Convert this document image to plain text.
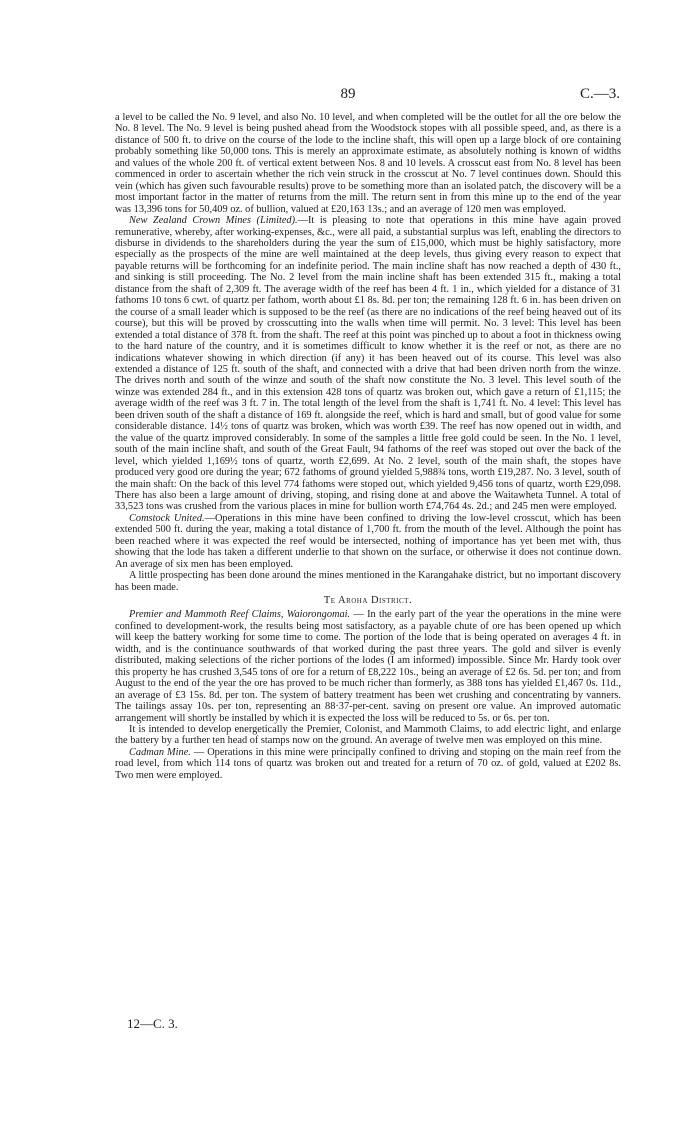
89	C.—3.

a level to be called the No. 9 level, and also No. 10 level, and when completed will be the outlet for all the ore below the No. 8 level. The No. 9 level is being pushed ahead from the Woodstock stopes with all possible speed, and, as there is a distance of 500 ft. to drive on the course of the lode to the incline shaft, this will open up a large block of ore containing probably something like 50,000 tons. This is merely an approximate estimate, as absolutely nothing is known of widths and values of the whole 200 ft. of vertical extent between Nos. 8 and 10 levels. A crosscut east from No. 8 level has been commenced in order to ascertain whether the rich vein struck in the crosscut at No. 7 level continues down. Should this vein (which has given such favourable results) prove to be something more than an isolated patch, the discovery will be a most important factor in the matter of returns from the mill. The return sent in from this mine up to the end of the year was 13,396 tons for 50,409 oz. of bullion, valued at £20,163 13s.; and an average of 120 men was employed.

New Zealand Crown Mines (Limited).—It is pleasing to note that operations in this mine have again proved remunerative, whereby, after working-expenses, &c., were all paid, a substantial surplus was left, enabling the directors to disburse in dividends to the shareholders during the year the sum of £15,000, which must be highly satisfactory, more especially as the prospects of the mine are well maintained at the deep levels, thus giving every reason to expect that payable returns will be forthcoming for an indefinite period. The main incline shaft has now reached a depth of 430 ft., and sinking is still proceeding. The No. 2 level from the main incline shaft has been extended 315 ft., making a total distance from the shaft of 2,309 ft. The average width of the reef has been 4 ft. 1 in., which yielded for a distance of 31 fathoms 10 tons 6 cwt. of quartz per fathom, worth about £1 8s. 8d. per ton; the remaining 128 ft. 6 in. has been driven on the course of a small leader which is supposed to be the reef (as there are no indications of the reef being heaved out of its course), but this will be proved by crosscutting into the walls when time will permit. No. 3 level: This level has been extended a total distance of 378 ft. from the shaft. The reef at this point was pinched up to about a foot in thickness owing to the hard nature of the country, and it is sometimes difficult to know whether it is the reef or not, as there are no indications whatever showing in which direction (if any) it has been heaved out of its course. This level was also extended a distance of 125 ft. south of the shaft, and connected with a drive that had been driven north from the winze. The drives north and south of the winze and south of the shaft now constitute the No. 3 level. This level south of the winze was extended 284 ft., and in this extension 428 tons of quartz was broken out, which gave a return of £1,115; the average width of the reef was 3 ft. 7 in. The total length of the level from the shaft is 1,741 ft. No. 4 level: This level has been driven south of the shaft a distance of 169 ft. alongside the reef, which is hard and small, but of good value for some considerable distance. 14½ tons of quartz was broken, which was worth £39. The reef has now opened out in width, and the value of the quartz improved considerably. In some of the samples a little free gold could be seen. In the No. 1 level, south of the main incline shaft, and south of the Great Fault, 94 fathoms of the reef was stoped out over the back of the level, which yielded 1,169½ tons of quartz, worth £2,699. At No. 2 level, south of the main shaft, the stopes have produced very good ore during the year; 672 fathoms of ground yielded 5,988¾ tons, worth £19,287. No. 3 level, south of the main shaft: On the back of this level 774 fathoms were stoped out, which yielded 9,456 tons of quartz, worth £29,098. There has also been a large amount of driving, stoping, and rising done at and above the Waitawheta Tunnel. A total of 33,523 tons was crushed from the various places in mine for bullion worth £74,764 4s. 2d.; and 245 men were employed.

Comstock United.—Operations in this mine have been confined to driving the low-level crosscut, which has been extended 500 ft. during the year, making a total distance of 1,700 ft. from the mouth of the level. Although the point has been reached where it was expected the reef would be intersected, nothing of importance has yet been met with, thus showing that the lode has taken a different underlie to that shown on the surface, or otherwise it does not continue down. An average of six men has been employed.

A little prospecting has been done around the mines mentioned in the Karangahake district, but no important discovery has been made.

Te Aroha District.

Premier and Mammoth Reef Claims, Waiorongomai. — In the early part of the year the operations in the mine were confined to development-work, the results being most satisfactory, as a payable chute of ore has been opened up which will keep the battery working for some time to come. The portion of the lode that is being operated on averages 4 ft. in width, and is the continuance southwards of that worked during the past three years. The gold and silver is evenly distributed, making selections of the richer portions of the lodes (I am informed) impossible. Since Mr. Hardy took over this property he has crushed 3,545 tons of ore for a return of £8,222 10s., being an average of £2 6s. 5d. per ton; and from August to the end of the year the ore has proved to be much richer than formerly, as 388 tons has yielded £1,467 0s. 11d., an average of £3 15s. 8d. per ton. The system of battery treatment has been wet crushing and concentrating by vanners. The tailings assay 10s. per ton, representing an 88·37-per-cent. saving on present ore value. An improved automatic arrangement will shortly be installed by which it is expected the loss will be reduced to 5s. or 6s. per ton.

It is intended to develop energetically the Premier, Colonist, and Mammoth Claims, to add electric light, and enlarge the battery by a further ten head of stamps now on the ground. An average of twelve men was employed on this mine.

Cadman Mine. — Operations in this mine were principally confined to driving and stoping on the main reef from the road level, from which 114 tons of quartz was broken out and treated for a return of 70 oz. of gold, valued at £202 8s. Two men were employed.

12—C. 3.
